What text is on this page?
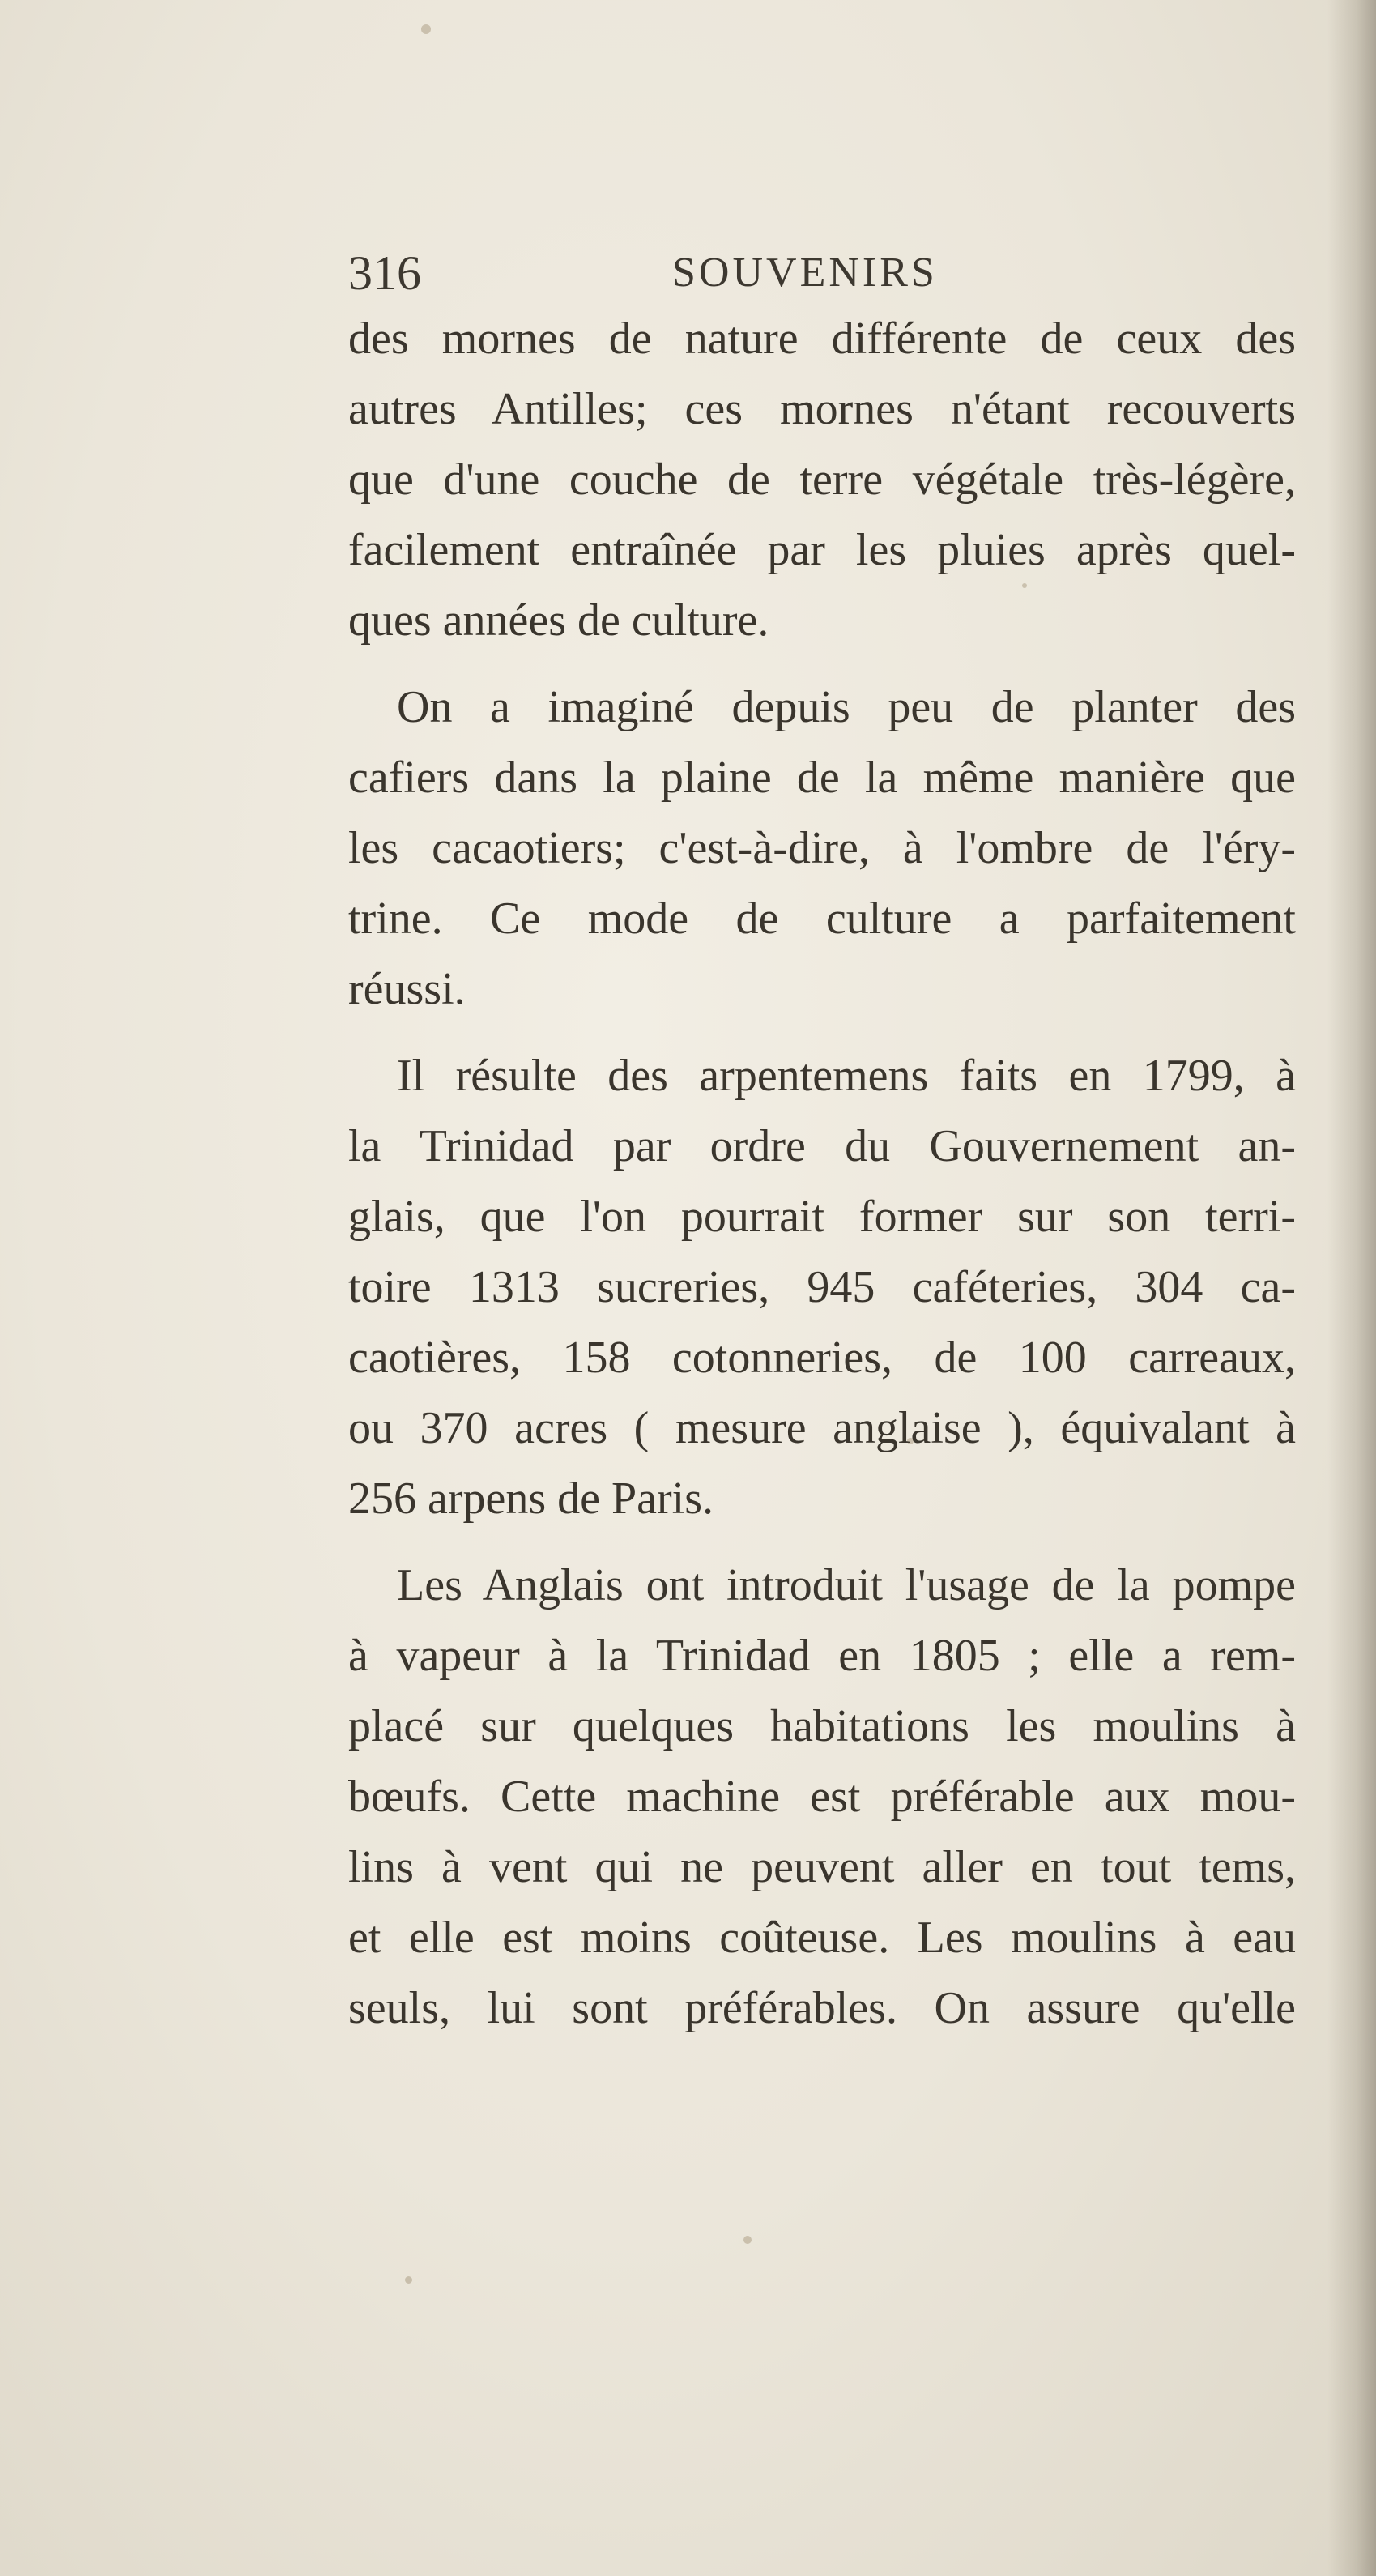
316	SOUVENIRS
des mornes de nature différente de ceux des
autres Antilles; ces mornes n'étant recouverts
que d'une couche de terre végétale très-légère,
facilement entraînée par les pluies après quel-
ques années de culture.
On a imaginé depuis peu de planter des
cafiers dans la plaine de la même manière que
les cacaotiers; c'est-à-dire, à l'ombre de l'éry-
trine. Ce mode de culture a parfaitement
réussi.
Il résulte des arpentemens faits en 1799, à
la Trinidad par ordre du Gouvernement an-
glais, que l'on pourrait former sur son terri-
toire 1313 sucreries, 945 caféteries, 304 ca-
caotières, 158 cotonneries, de 100 carreaux,
ou 370 acres ( mesure anglaise ), équivalant à
256 arpens de Paris.
Les Anglais ont introduit l'usage de la pompe
à vapeur à la Trinidad en 1805 ; elle a rem-
placé sur quelques habitations les moulins à
bœufs. Cette machine est préférable aux mou-
lins à vent qui ne peuvent aller en tout tems,
et elle est moins coûteuse. Les moulins à eau
seuls, lui sont préférables. On assure qu'elle
